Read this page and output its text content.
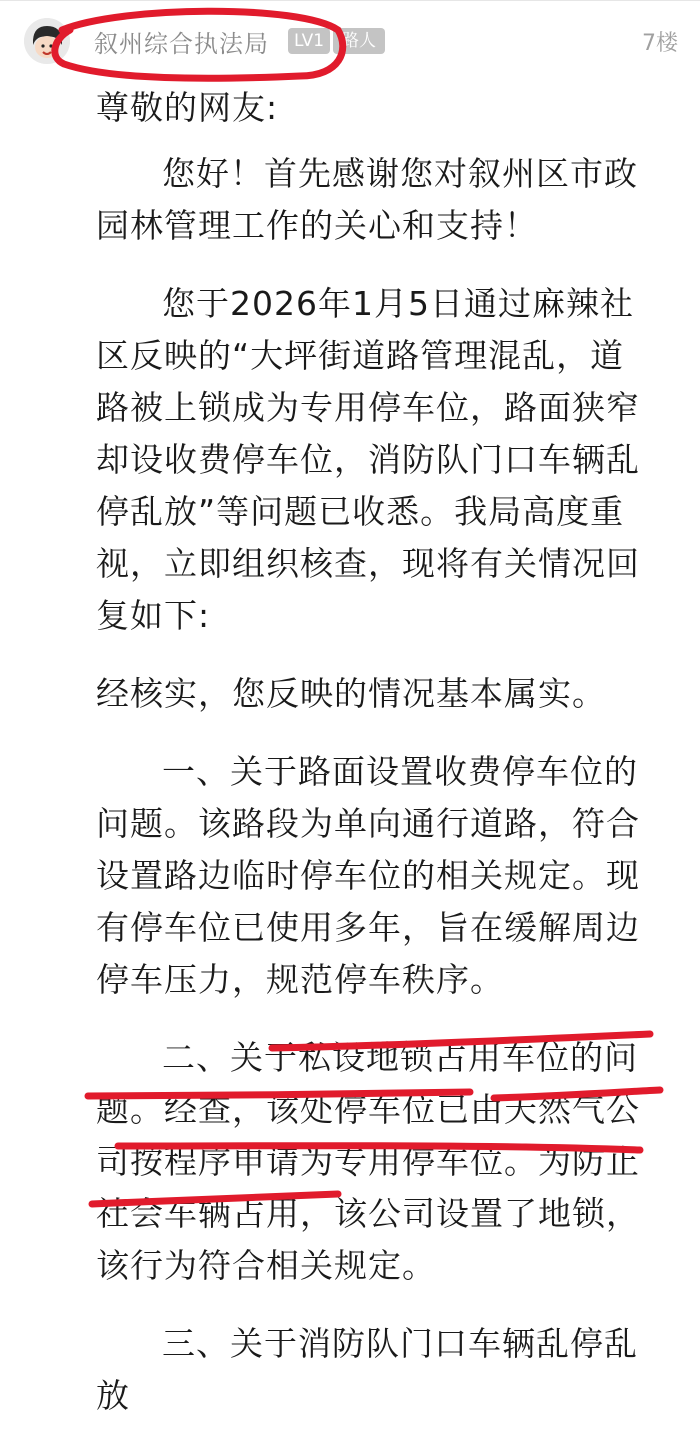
叙州综合执法局	LV1	路人	7楼

尊敬的网友:

您好！首先感谢您对叙州区市政园林管理工作的关心和支持！

您于2026年1月5日通过麻辣社区反映的“大坪街道路管理混乱，道路被上锁成为专用停车位，路面狭窄却设收费停车位，消防队门口车辆乱停乱放”等问题已收悉。我局高度重视，立即组织核查，现将有关情况回复如下:

经核实，您反映的情况基本属实。

一、关于路面设置收费停车位的问题。该路段为单向通行道路，符合设置路边临时停车位的相关规定。现有停车位已使用多年，旨在缓解周边停车压力，规范停车秩序。

二、关于私设地锁占用车位的问题。经查，该处停车位已由天然气公司按程序申请为专用停车位。为防止社会车辆占用，该公司设置了地锁，该行为符合相关规定。

三、关于消防队门口车辆乱停乱放
